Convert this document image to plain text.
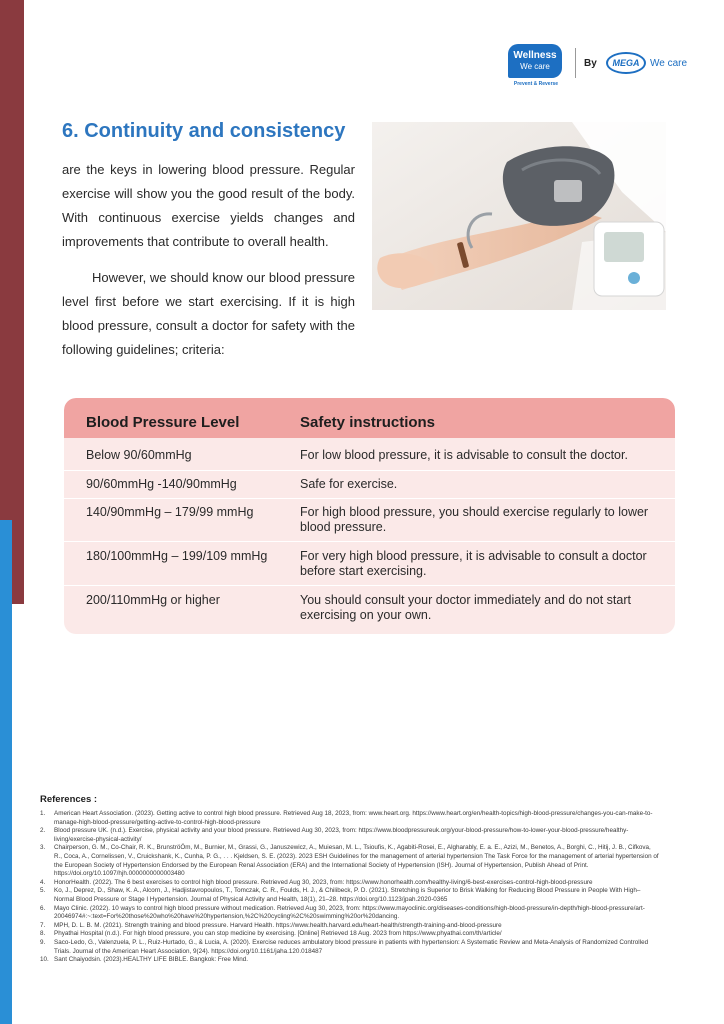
Wellness
We care
Prevent & Reverse
By	MEGA	We care
6. Continuity and consistency

are the keys in lowering blood pressure. Regular exercise will show you the good result of the body. With continuous exercise yields changes and improvements that contribute to overall health.

However, we should know our blood pressure level first before we start exercising. If it is high blood pressure, consult a doctor for safety with the following guidelines; criteria:

Blood Pressure Level	Safety instructions
Below 90/60mmHg	For low blood pressure, it is advisable to consult the doctor.
90/60mmHg -140/90mmHg	Safe for exercise.
140/90mmHg – 179/99 mmHg	For high blood pressure, you should exercise regularly to lower blood pressure.
180/100mmHg – 199/109 mmHg	For very high blood pressure, it is advisable to consult a doctor before start exercising.
200/110mmHg or higher	You should consult your doctor immediately and do not start exercising on your own.
References :
1. American Heart Association. (2023). Getting active to control high blood pressure. Retrieved Aug 18, 2023, from: www.heart.org. https://www.heart.org/en/health-topics/high-blood-pressure/changes-you-can-make-to-manage-high-blood-pressure/getting-active-to-control-high-blood-pressure
2. Blood pressure UK. (n.d.). Exercise, physical activity and your blood pressure. Retrieved Aug 30, 2023, from: https://www.bloodpressureuk.org/your-blood-pressure/how-to-lower-your-blood-pressure/healthy-living/exercise-physical-activity/
3. Chairperson, G. M., Co-Chair, R. K., BrunströÖm, M., Burnier, M., Grassi, G., Januszewicz, A., Muiesan, M. L., Tsioufis, K., Agabiti-Rosei, E., Algharably, E. a. E., Azizi, M., Benetos, A., Borghi, C., Hitij, J. B., Cifkova, R., Coca, A., Cornelissen, V., Cruickshank, K., Cunha, P. G., . . . Kjeldsen, S. E. (2023). 2023 ESH Guidelines for the management of arterial hypertension The Task Force for the management of arterial hypertension of the European Society of Hypertension Endorsed by the European Renal Association (ERA) and the International Society of Hypertension (ISH). Journal of Hypertension, Publish Ahead of Print. https://doi.org/10.1097/hjh.0000000000003480
4. HonorHealth. (2022). The 6 best exercises to control high blood pressure. Retrieved Aug 30, 2023, from: https://www.honorhealth.com/healthy-living/6-best-exercises-control-high-blood-pressure
5. Ko, J., Deprez, D., Shaw, K. A., Alcorn, J., Hadjistavropoulos, T., Tomczak, C. R., Foulds, H. J., & Chilibeck, P. D. (2021). Stretching is Superior to Brisk Walking for Reducing Blood Pressure in People With High–Normal Blood Pressure or Stage I Hypertension. Journal of Physical Activity and Health, 18(1), 21–28. https://doi.org/10.1123/jpah.2020-0365
6. Mayo Clinic. (2022). 10 ways to control high blood pressure without medication. Retrieved Aug 30, 2023, from: https://www.mayoclinic.org/diseases-conditions/high-blood-pressure/in-depth/high-blood-pressure/art-20046974#:~:text=For%20those%20who%20have%20hypertension,%2C%20cycling%2C%20swimming%20or%20dancing.
7. MPH, D. L. B. M. (2021). Strength training and blood pressure. Harvard Health. https://www.health.harvard.edu/heart-health/strength-training-and-blood-pressure
8. Phyathai Hospital (n.d.). For high blood pressure, you can stop medicine by exercising. [Online] Retrieved 18 Aug. 2023 from https://www.phyathai.com/th/article/
9. Saco-Ledo, G., Valenzuela, P. L., Ruiz-Hurtado, G., & Lucia, A. (2020). Exercise reduces ambulatory blood pressure in patients with hypertension: A Systematic Review and Meta-Analysis of Randomized Controlled Trials. Journal of the American Heart Association, 9(24). https://doi.org/10.1161/jaha.120.018487
10. Sant Chaiyodsin. (2023).HEALTHY LIFE BIBLE. Bangkok: Free Mind.
